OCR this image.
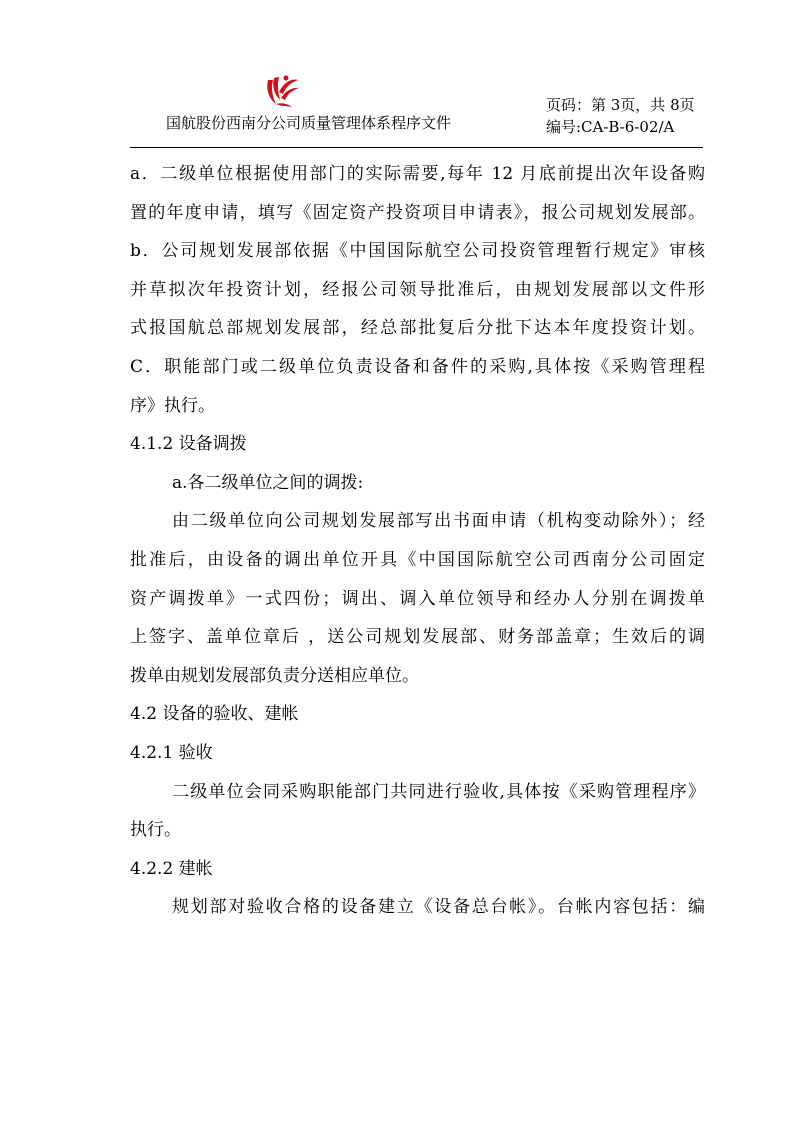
国航股份西南分公司质量管理体系程序文件
页码：第 3页，共 8页
编号:CA-B-6-02/A
a．二级单位根据使用部门的实际需要,每年 12 月底前提出次年设备购
置的年度申请，填写《固定资产投资项目申请表》，报公司规划发展部。
b．公司规划发展部依据《中国国际航空公司投资管理暂行规定》审核
并草拟次年投资计划，经报公司领导批准后，由规划发展部以文件形
式报国航总部规划发展部，经总部批复后分批下达本年度投资计划。
C．职能部门或二级单位负责设备和备件的采购,具体按《采购管理程
序》执行。
4.1.2 设备调拨
a.各二级单位之间的调拨:
由二级单位向公司规划发展部写出书面申请（机构变动除外）；经
批准后，由设备的调出单位开具《中国国际航空公司西南分公司固定
资产调拨单》一式四份；调出、调入单位领导和经办人分别在调拨单
上签字、盖单位章后 ，送公司规划发展部、财务部盖章；生效后的调
拨单由规划发展部负责分送相应单位。
4.2 设备的验收、建帐
4.2.1 验收
二级单位会同采购职能部门共同进行验收,具体按《采购管理程序》
执行。
4.2.2 建帐
规划部对验收合格的设备建立《设备总台帐》。台帐内容包括：编
